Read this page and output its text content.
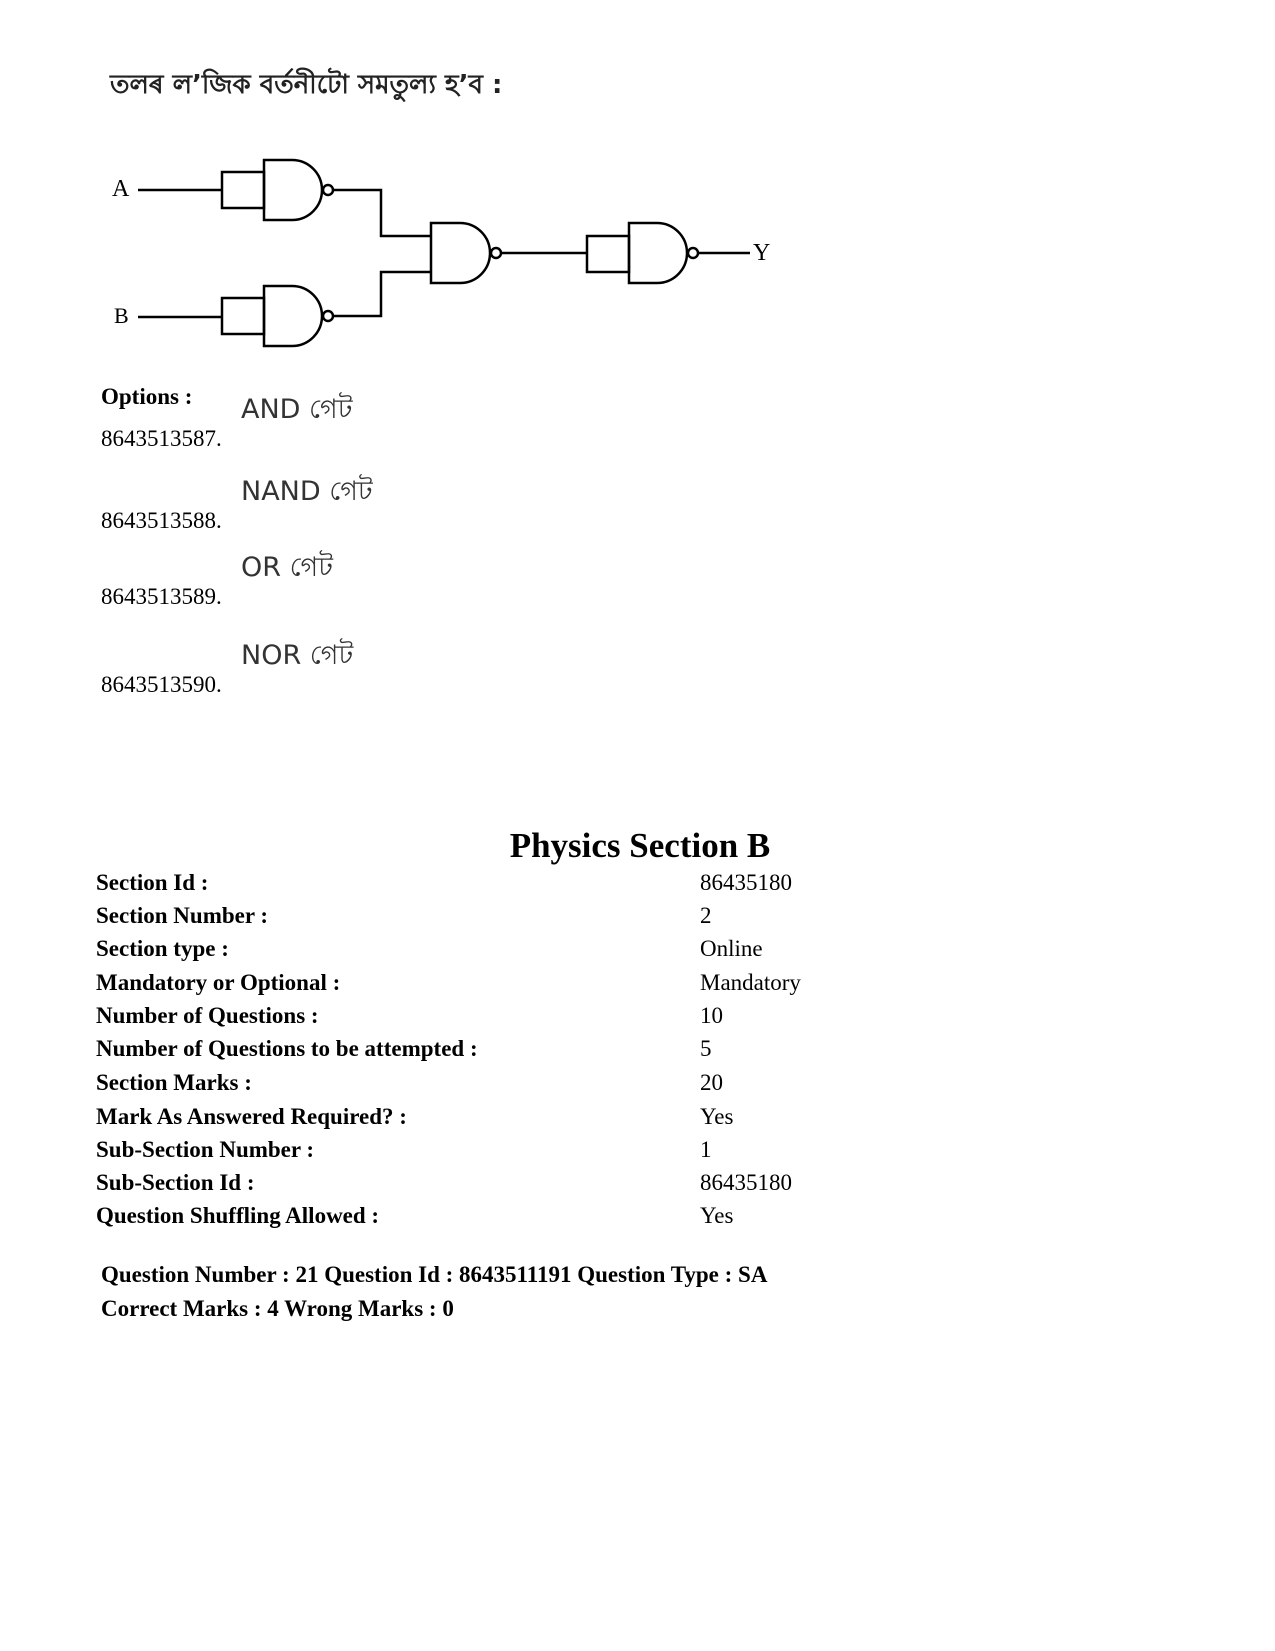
তলৰ ল’জিক বৰ্তনীটো সমতুল্য হ’ব :
A
B
Y
Options :
8643513587.
AND গেট
8643513588.
NAND গেট
8643513589.
OR গেট
8643513590.
NOR গেট
Physics Section B
Section Id :	86435180
Section Number :	2
Section type :	Online
Mandatory or Optional :	Mandatory
Number of Questions :	10
Number of Questions to be attempted :	5
Section Marks :	20
Mark As Answered Required? :	Yes
Sub-Section Number :	1
Sub-Section Id :	86435180
Question Shuffling Allowed :	Yes
Question Number : 21 Question Id : 8643511191 Question Type : SA
Correct Marks : 4 Wrong Marks : 0
